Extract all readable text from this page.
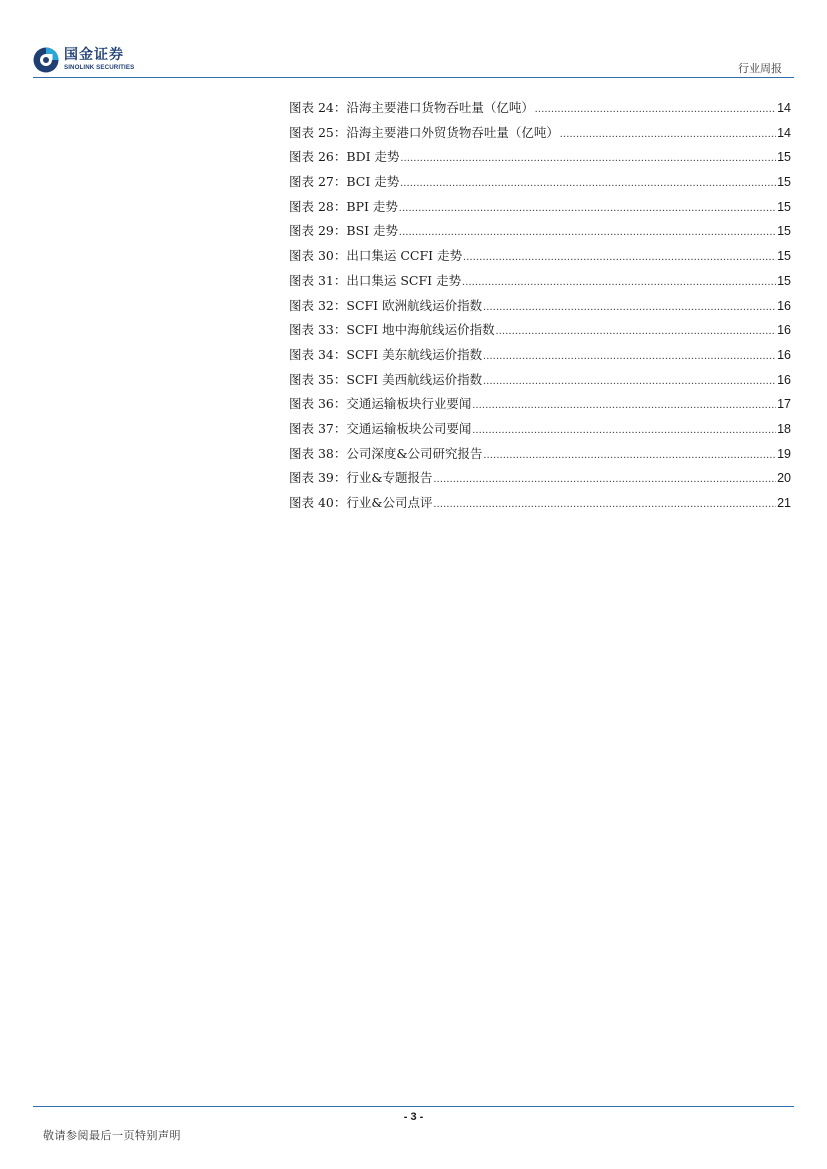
国金证券
SINOLINK SECURITIES	行业周报
图表 24：沿海主要港口货物吞吐量（亿吨） .....	14
图表 25：沿海主要港口外贸货物吞吐量（亿吨） .....	14
图表 26：BDI 走势 .....	15
图表 27：BCI 走势 .....	15
图表 28：BPI 走势 .....	15
图表 29：BSI 走势 .....	15
图表 30：出口集运 CCFI 走势 .....	15
图表 31：出口集运 SCFI 走势 .....	15
图表 32：SCFI 欧洲航线运价指数 .....	16
图表 33：SCFI 地中海航线运价指数 .....	16
图表 34：SCFI 美东航线运价指数 .....	16
图表 35：SCFI 美西航线运价指数 .....	16
图表 36：交通运输板块行业要闻 .....	17
图表 37：交通运输板块公司要闻 .....	18
图表 38：公司深度&公司研究报告 .....	19
图表 39：行业&专题报告 .....	20
图表 40：行业&公司点评 .....	21
- 3 -
敬请参阅最后一页特别声明
